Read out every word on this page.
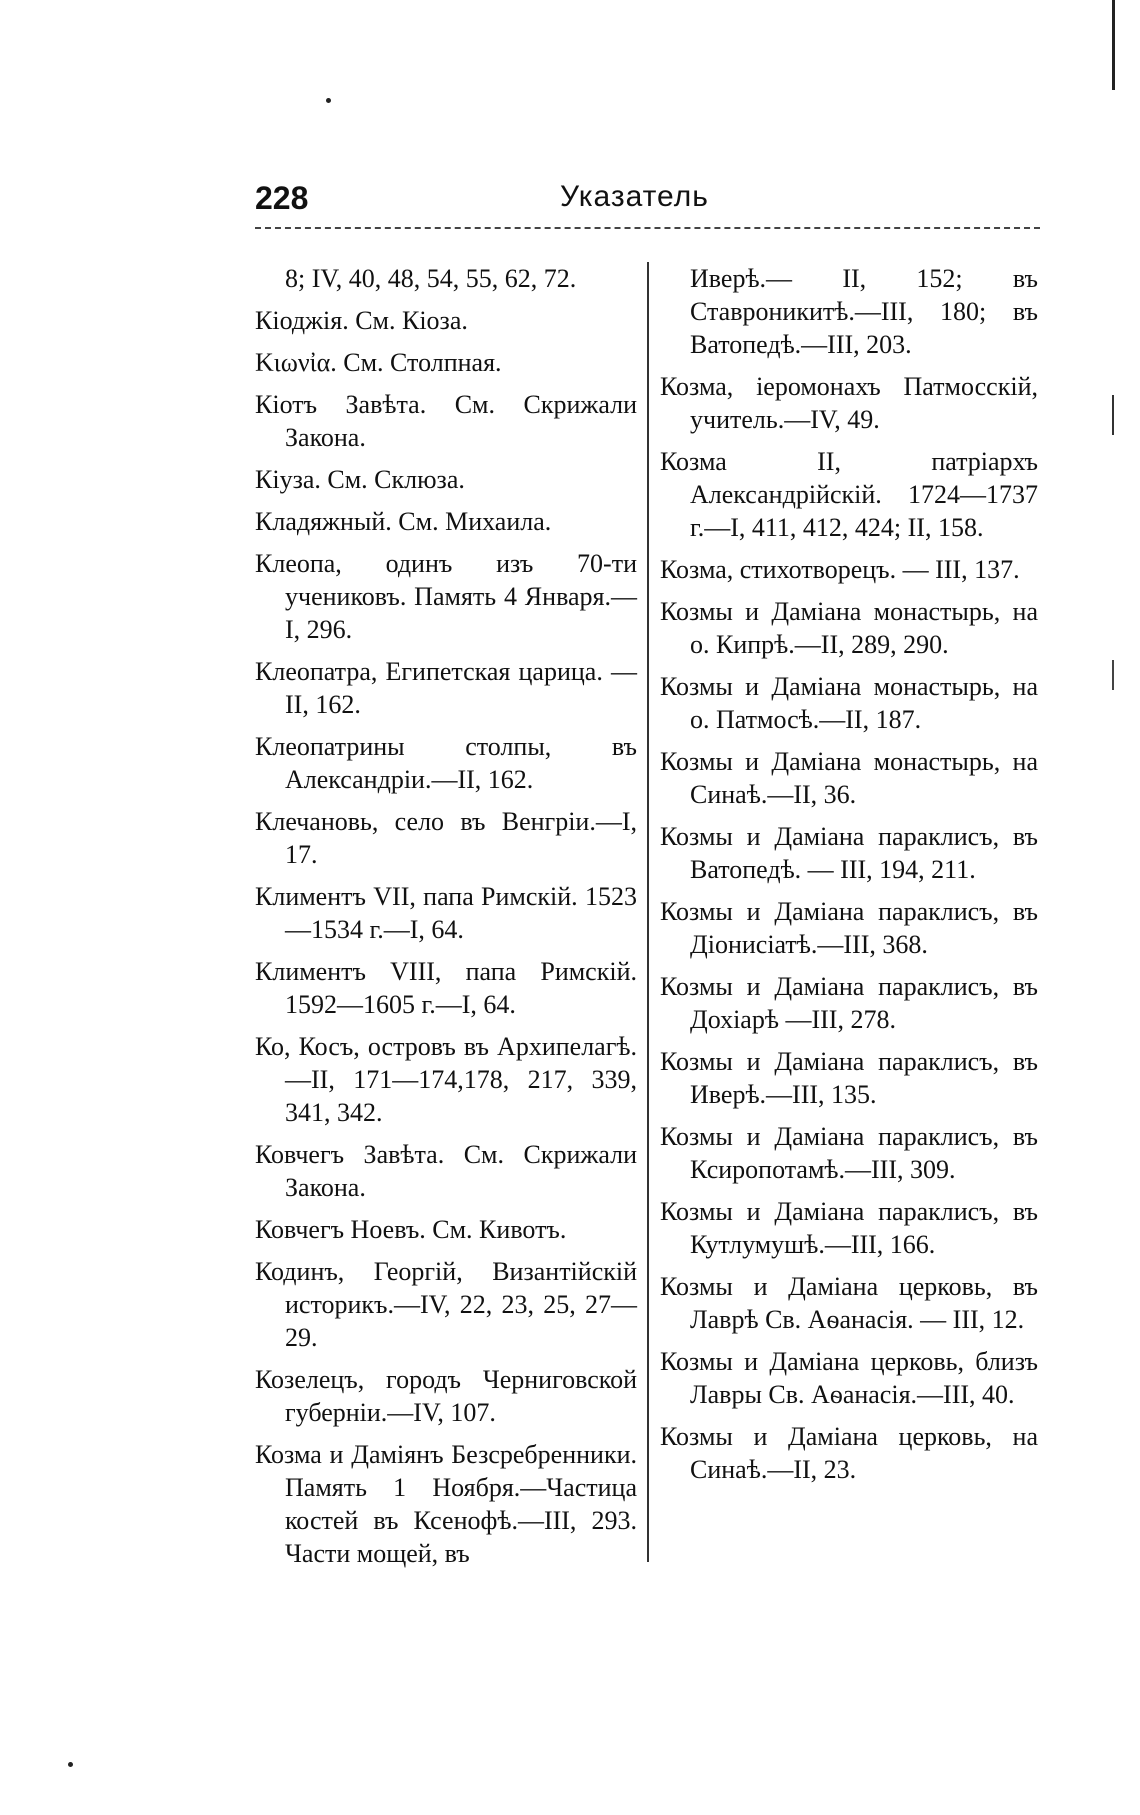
228	Указатель
8; IV, 40, 48, 54, 55, 62, 72.
Кіоджія. См. Кіоза.
Κιωνἰα. См. Столпная.
Кіотъ Завѣта. См. Скрижали Закона.
Кіуза. См. Склюза.
Кладяжный. См. Михаила.
Клеопа, одинъ изъ 70-ти учениковъ. Память 4 Января.—I, 296.
Клеопатра, Египетская царица. —II, 162.
Клеопатрины столпы, въ Александріи.—II, 162.
Клечановь, село въ Венгріи.—I, 17.
Климентъ VII, папа Римскій. 1523—1534 г.—I, 64.
Климентъ VIII, папа Римскій. 1592—1605 г.—I, 64.
Ко, Косъ, островъ въ Архипелагѣ.—II, 171—174,178, 217, 339, 341, 342.
Ковчегъ Завѣта. См. Скрижали Закона.
Ковчегъ Ноевъ. См. Кивотъ.
Кодинъ, Георгій, Византійскій историкъ.—IV, 22, 23, 25, 27—29.
Козелецъ, городъ Черниговской губерніи.—IV, 107.
Козма и Даміянъ Безсребренники. Память 1 Ноября.—Частица костей въ Ксенофѣ.—III, 293. Части мощей, въ
Иверѣ.— II, 152; въ Ставроникитѣ.—III, 180; въ Ватопедѣ.—III, 203.
Козма, іеромонахъ Патмосскій, учитель.—IV, 49.
Козма II, патріархъ Александрійскій. 1724—1737 г.—I, 411, 412, 424; II, 158.
Козма, стихотворецъ. — III, 137.
Козмы и Даміана монастырь, на о. Кипрѣ.—II, 289, 290.
Козмы и Даміана монастырь, на о. Патмосѣ.—II, 187.
Козмы и Даміана монастырь, на Синаѣ.—II, 36.
Козмы и Даміана параклисъ, въ Ватопедѣ. — III, 194, 211.
Козмы и Даміана параклисъ, въ Діонисіатѣ.—III, 368.
Козмы и Даміана параклисъ, въ Дохіарѣ —III, 278.
Козмы и Даміана параклисъ, въ Иверѣ.—III, 135.
Козмы и Даміана параклисъ, въ Ксиропотамѣ.—III, 309.
Козмы и Даміана параклисъ, въ Кутлумушѣ.—III, 166.
Козмы и Даміана церковь, въ Лаврѣ Св. Аѳанасія. — III, 12.
Козмы и Даміана церковь, близъ Лавры Св. Аѳанасія.—III, 40.
Козмы и Даміана церковь, на Синаѣ.—II, 23.
